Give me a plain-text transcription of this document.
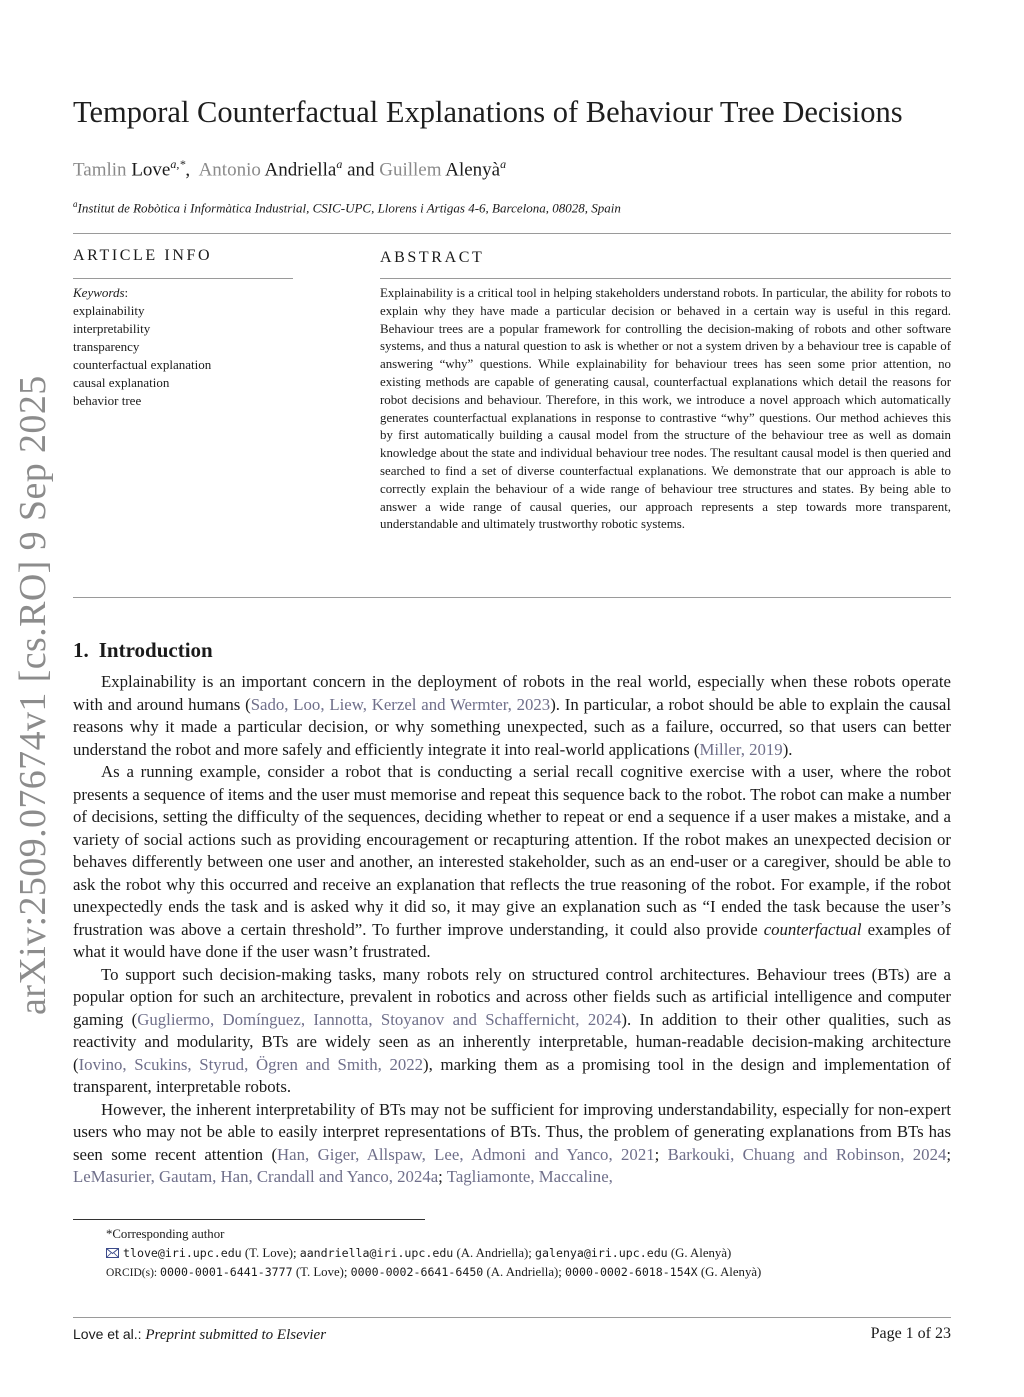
arXiv:2509.07674v1 [cs.RO] 9 Sep 2025
Temporal Counterfactual Explanations of Behaviour Tree Decisions
Tamlin Love$^{a,*}$, Antonio Andriella$^a$ and Guillem Alenyà$^a$
$^a$Institut de Robòtica i Informàtica Industrial, CSIC-UPC, Llorens i Artigas 4-6, Barcelona, 08028, Spain
ARTICLE INFO	ABSTRACT
Keywords:
explainability
interpretability
transparency
counterfactual explanation
causal explanation
behavior tree

Explainability is a critical tool in helping stakeholders understand robots. In particular, the ability for robots to explain why they have made a particular decision or behaved in a certain way is useful in this regard. Behaviour trees are a popular framework for controlling the decision-making of robots and other software systems, and thus a natural question to ask is whether or not a system driven by a behaviour tree is capable of answering “why” questions. While explainability for behaviour trees has seen some prior attention, no existing methods are capable of generating causal, counterfactual explanations which detail the reasons for robot decisions and behaviour. Therefore, in this work, we introduce a novel approach which automatically generates counterfactual explanations in response to contrastive “why” questions. Our method achieves this by first automatically building a causal model from the structure of the behaviour tree as well as domain knowledge about the state and individual behaviour tree nodes. The resultant causal model is then queried and searched to find a set of diverse counterfactual explanations. We demonstrate that our approach is able to correctly explain the behaviour of a wide range of behaviour tree structures and states. By being able to answer a wide range of causal queries, our approach represents a step towards more transparent, understandable and ultimately trustworthy robotic systems.

1. Introduction

Explainability is an important concern in the deployment of robots in the real world, especially when these robots operate with and around humans (Sado, Loo, Liew, Kerzel and Wermter, 2023). In particular, a robot should be able to explain the causal reasons why it made a particular decision, or why something unexpected, such as a failure, occurred, so that users can better understand the robot and more safely and efficiently integrate it into real-world applications (Miller, 2019).

As a running example, consider a robot that is conducting a serial recall cognitive exercise with a user, where the robot presents a sequence of items and the user must memorise and repeat this sequence back to the robot. The robot can make a number of decisions, setting the difficulty of the sequences, deciding whether to repeat or end a sequence if a user makes a mistake, and a variety of social actions such as providing encouragement or recapturing attention. If the robot makes an unexpected decision or behaves differently between one user and another, an interested stakeholder, such as an end-user or a caregiver, should be able to ask the robot why this occurred and receive an explanation that reflects the true reasoning of the robot. For example, if the robot unexpectedly ends the task and is asked why it did so, it may give an explanation such as “I ended the task because the user’s frustration was above a certain threshold”. To further improve understanding, it could also provide counterfactual examples of what it would have done if the user wasn’t frustrated.

To support such decision-making tasks, many robots rely on structured control architectures. Behaviour trees (BTs) are a popular option for such an architecture, prevalent in robotics and across other fields such as artificial intelligence and computer gaming (Gugliermo, Domínguez, Iannotta, Stoyanov and Schaffernicht, 2024). In addition to their other qualities, such as reactivity and modularity, BTs are widely seen as an inherently interpretable, human-readable decision-making architecture (Iovino, Scukins, Styrud, Ögren and Smith, 2022), marking them as a promising tool in the design and implementation of transparent, interpretable robots.

However, the inherent interpretability of BTs may not be sufficient for improving understandability, especially for non-expert users who may not be able to easily interpret representations of BTs. Thus, the problem of generating explanations from BTs has seen some recent attention (Han, Giger, Allspaw, Lee, Admoni and Yanco, 2021; Barkouki, Chuang and Robinson, 2024; LeMasurier, Gautam, Han, Crandall and Yanco, 2024a; Tagliamonte, Maccaline,

*Corresponding author
tlove@iri.upc.edu (T. Love); aandriella@iri.upc.edu (A. Andriella); galenya@iri.upc.edu (G. Alenyà)
ORCID(s): 0000-0001-6441-3777 (T. Love); 0000-0002-6641-6450 (A. Andriella); 0000-0002-6018-154X (G. Alenyà)
Love et al.: Preprint submitted to Elsevier	Page 1 of 23
